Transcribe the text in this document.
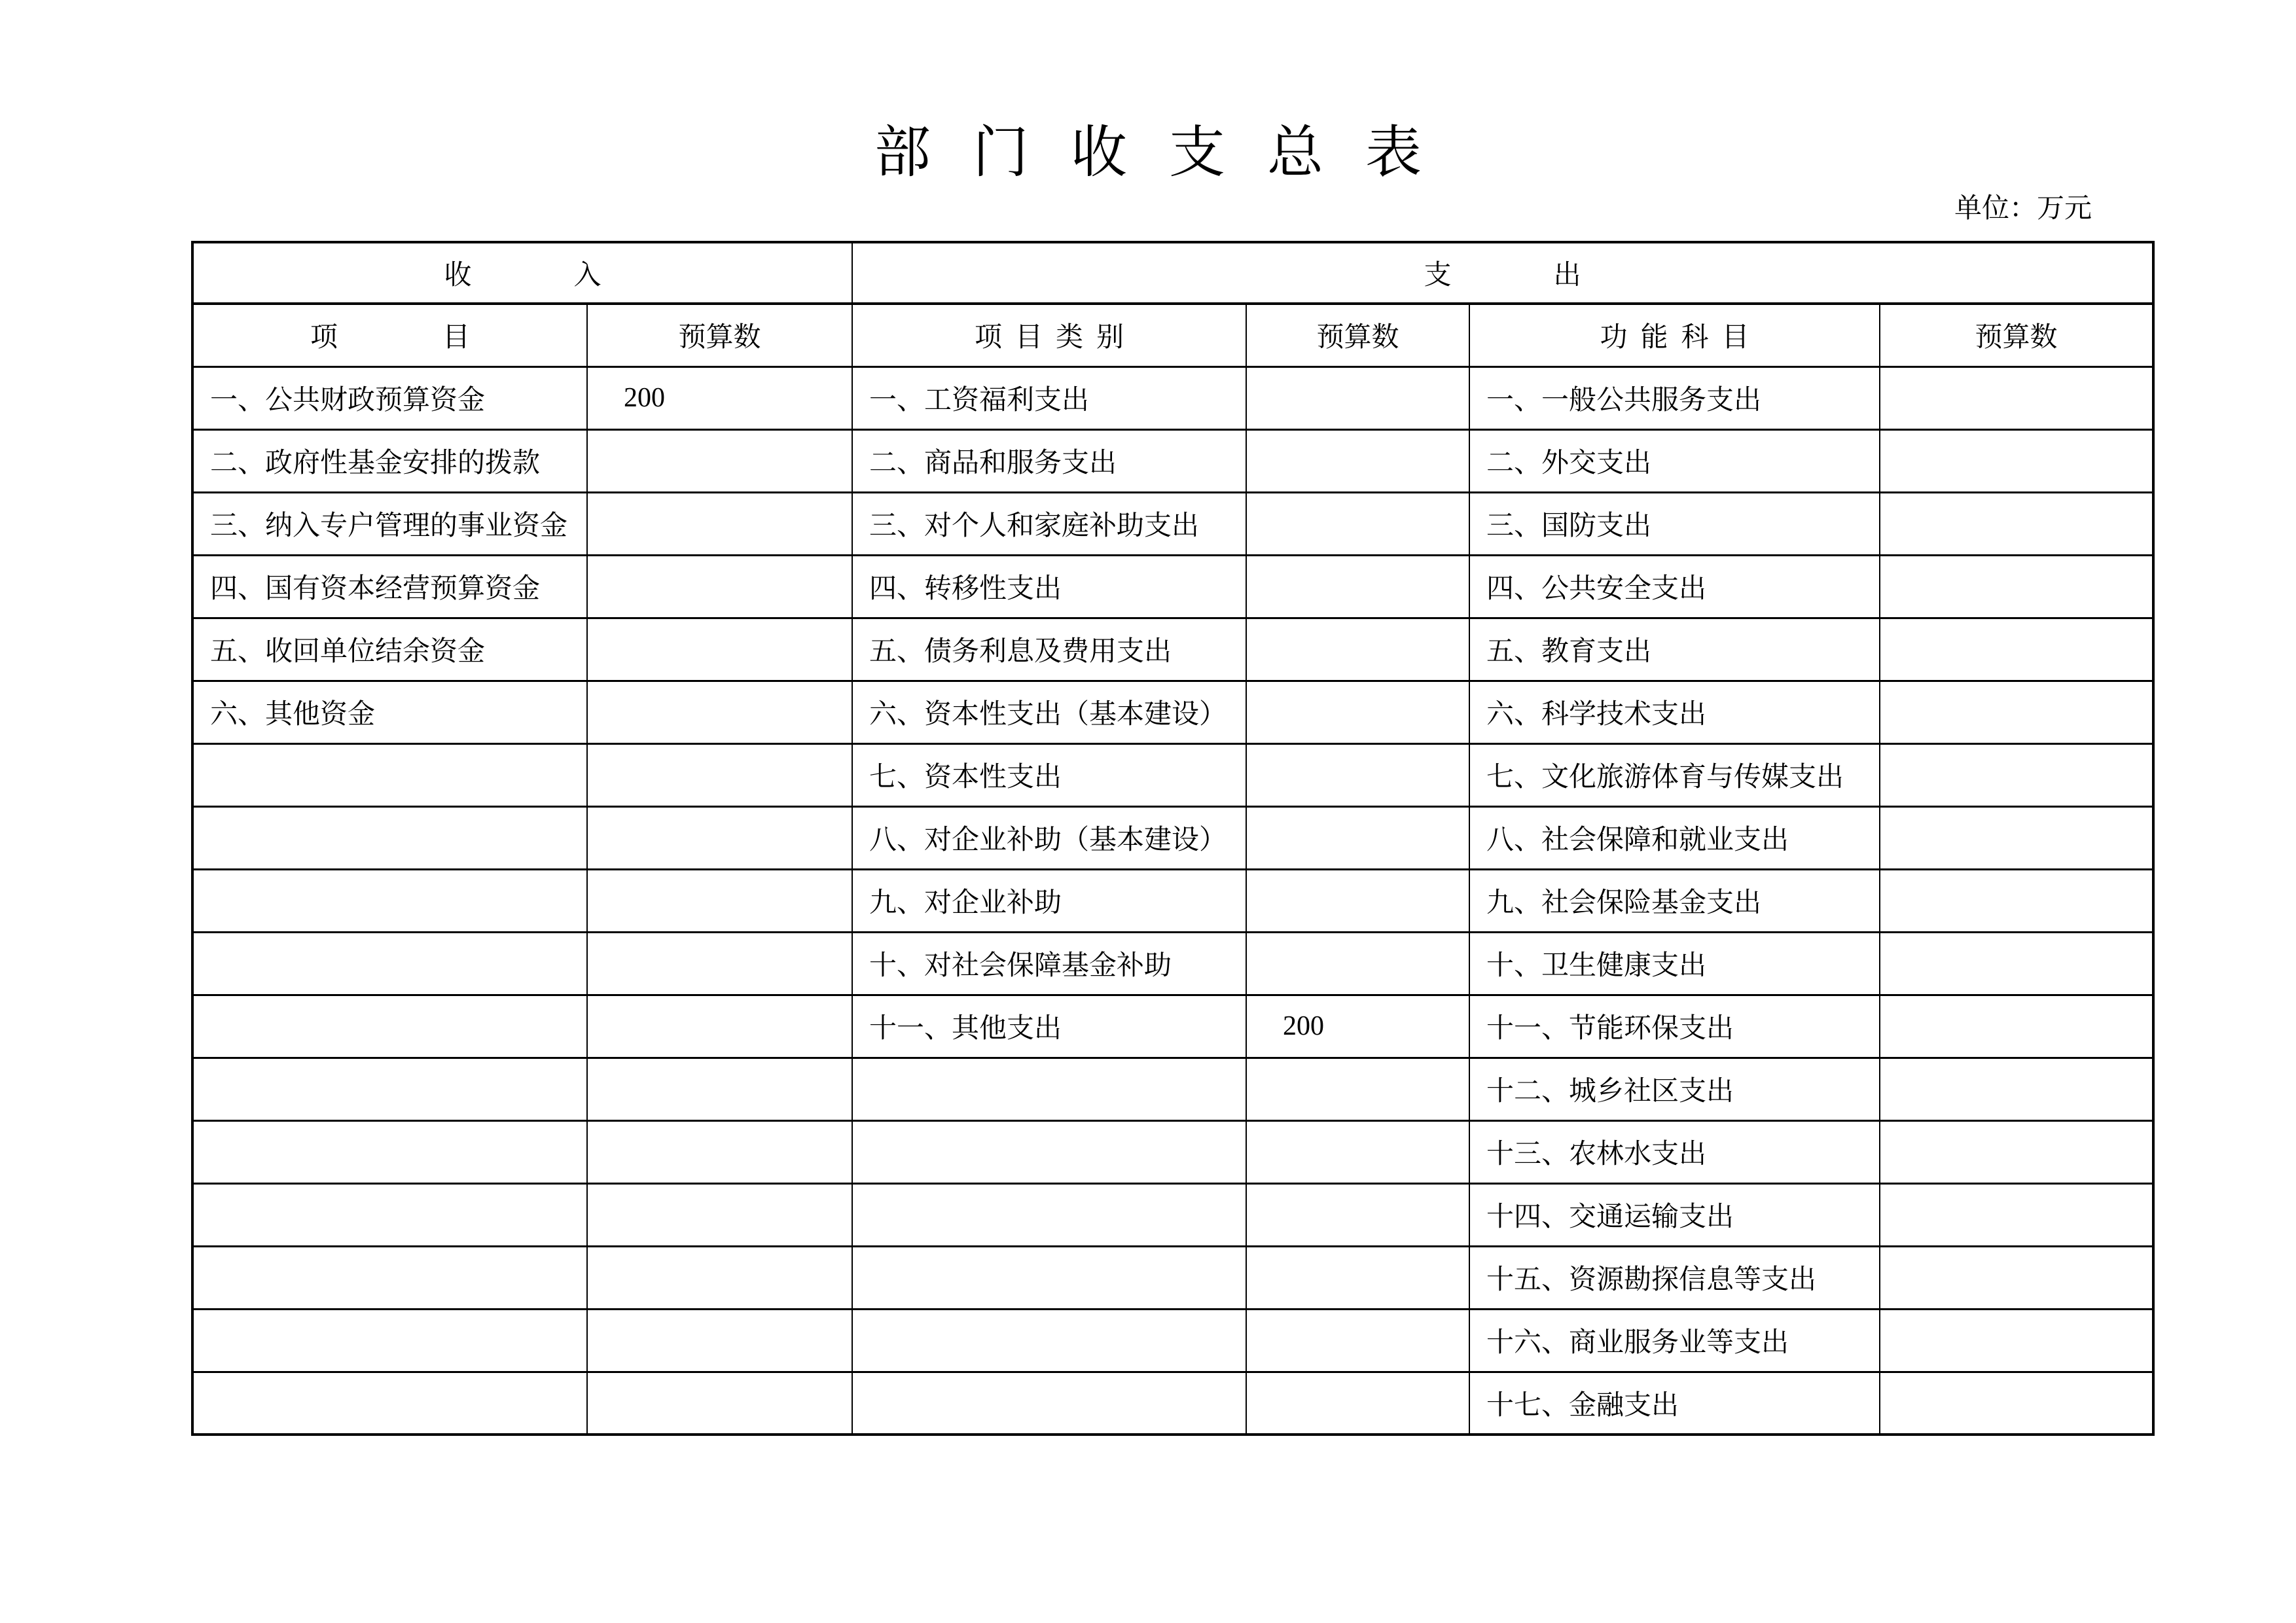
部门收支总表
单位：万元
收入		支出			
项目	预算数	项目类别	预算数	功能科目	预算数
一、公共财政预算资金	200	一、工资福利支出		一、一般公共服务支出	
二、政府性基金安排的拨款		二、商品和服务支出		二、外交支出	
三、纳入专户管理的事业资金		三、对个人和家庭补助支出		三、国防支出	
四、国有资本经营预算资金		四、转移性支出		四、公共安全支出	
五、收回单位结余资金		五、债务利息及费用支出		五、教育支出	
六、其他资金		六、资本性支出（基本建设）		六、科学技术支出	
		七、资本性支出		七、文化旅游体育与传媒支出	
		八、对企业补助（基本建设）		八、社会保障和就业支出	
		九、对企业补助		九、社会保险基金支出	
		十、对社会保障基金补助		十、卫生健康支出	
		十一、其他支出	200	十一、节能环保支出	
				十二、城乡社区支出	
				十三、农林水支出	
				十四、交通运输支出	
				十五、资源勘探信息等支出	
				十六、商业服务业等支出	
				十七、金融支出	
